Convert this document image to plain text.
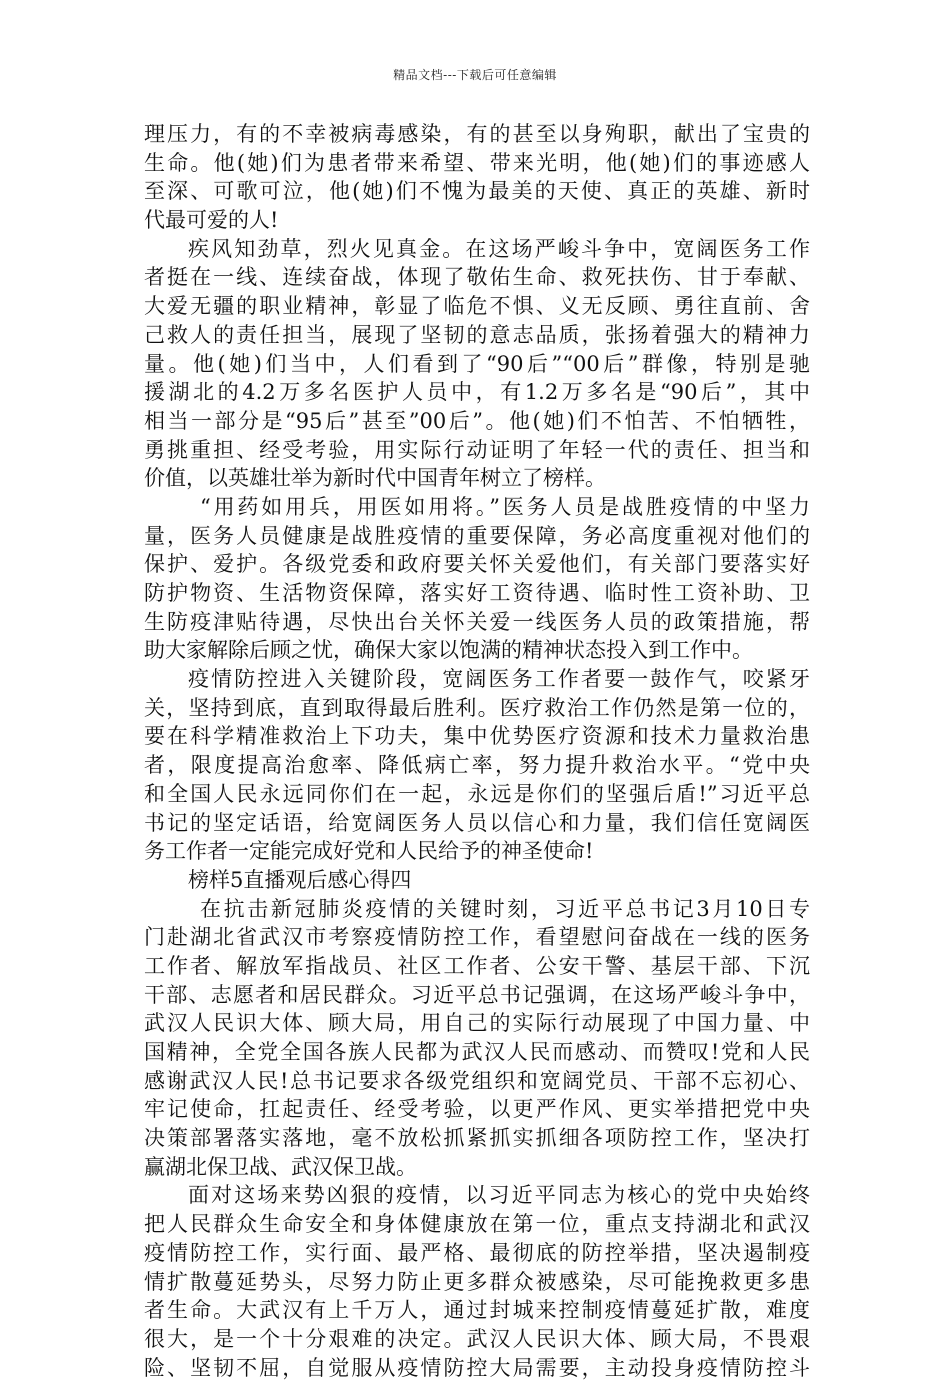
精品文档---下载后可任意编辑
理压力，有的不幸被病毒感染，有的甚至以身殉职，献出了宝贵的
生命。他(她)们为患者带来希望、带来光明，他(她)们的事迹感人
至深、可歌可泣，他(她)们不愧为最美的天使、真正的英雄、新时
代最可爱的人!
疾风知劲草，烈火见真金。在这场严峻斗争中，宽阔医务工作
者挺在一线、连续奋战，体现了敬佑生命、救死扶伤、甘于奉献、
大爱无疆的职业精神，彰显了临危不惧、义无反顾、勇往直前、舍
己救人的责任担当，展现了坚韧的意志品质，张扬着强大的精神力
量。他(她)们当中，人们看到了“90后”“00后”群像，特别是驰
援湖北的4.2万多名医护人员中，有1.2万多名是“90后”，其中
相当一部分是“95后”甚至”00后”。他(她)们不怕苦、不怕牺牲，
勇挑重担、经受考验，用实际行动证明了年轻一代的责任、担当和
价值，以英雄壮举为新时代中国青年树立了榜样。
“用药如用兵，用医如用将。”医务人员是战胜疫情的中坚力
量，医务人员健康是战胜疫情的重要保障，务必高度重视对他们的
保护、爱护。各级党委和政府要关怀关爱他们，有关部门要落实好
防护物资、生活物资保障，落实好工资待遇、临时性工资补助、卫
生防疫津贴待遇，尽快出台关怀关爱一线医务人员的政策措施，帮
助大家解除后顾之忧，确保大家以饱满的精神状态投入到工作中。
疫情防控进入关键阶段，宽阔医务工作者要一鼓作气，咬紧牙
关，坚持到底，直到取得最后胜利。医疗救治工作仍然是第一位的，
要在科学精准救治上下功夫，集中优势医疗资源和技术力量救治患
者，限度提高治愈率、降低病亡率，努力提升救治水平。“党中央
和全国人民永远同你们在一起，永远是你们的坚强后盾!”习近平总
书记的坚定话语，给宽阔医务人员以信心和力量，我们信任宽阔医
务工作者一定能完成好党和人民给予的神圣使命!
榜样5直播观后感心得四
在抗击新冠肺炎疫情的关键时刻，习近平总书记3月10日专
门赴湖北省武汉市考察疫情防控工作，看望慰问奋战在一线的医务
工作者、解放军指战员、社区工作者、公安干警、基层干部、下沉
干部、志愿者和居民群众。习近平总书记强调，在这场严峻斗争中，
武汉人民识大体、顾大局，用自己的实际行动展现了中国力量、中
国精神，全党全国各族人民都为武汉人民而感动、而赞叹!党和人民
感谢武汉人民!总书记要求各级党组织和宽阔党员、干部不忘初心、
牢记使命，扛起责任、经受考验，以更严作风、更实举措把党中央
决策部署落实落地，毫不放松抓紧抓实抓细各项防控工作，坚决打
赢湖北保卫战、武汉保卫战。
面对这场来势凶狠的疫情，以习近平同志为核心的党中央始终
把人民群众生命安全和身体健康放在第一位，重点支持湖北和武汉
疫情防控工作，实行面、最严格、最彻底的防控举措，坚决遏制疫
情扩散蔓延势头，尽努力防止更多群众被感染，尽可能挽救更多患
者生命。大武汉有上千万人，通过封城来控制疫情蔓延扩散，难度
很大，是一个十分艰难的决定。武汉人民识大体、顾大局，不畏艰
险、坚韧不屈，自觉服从疫情防控大局需要，主动投身疫情防控斗
